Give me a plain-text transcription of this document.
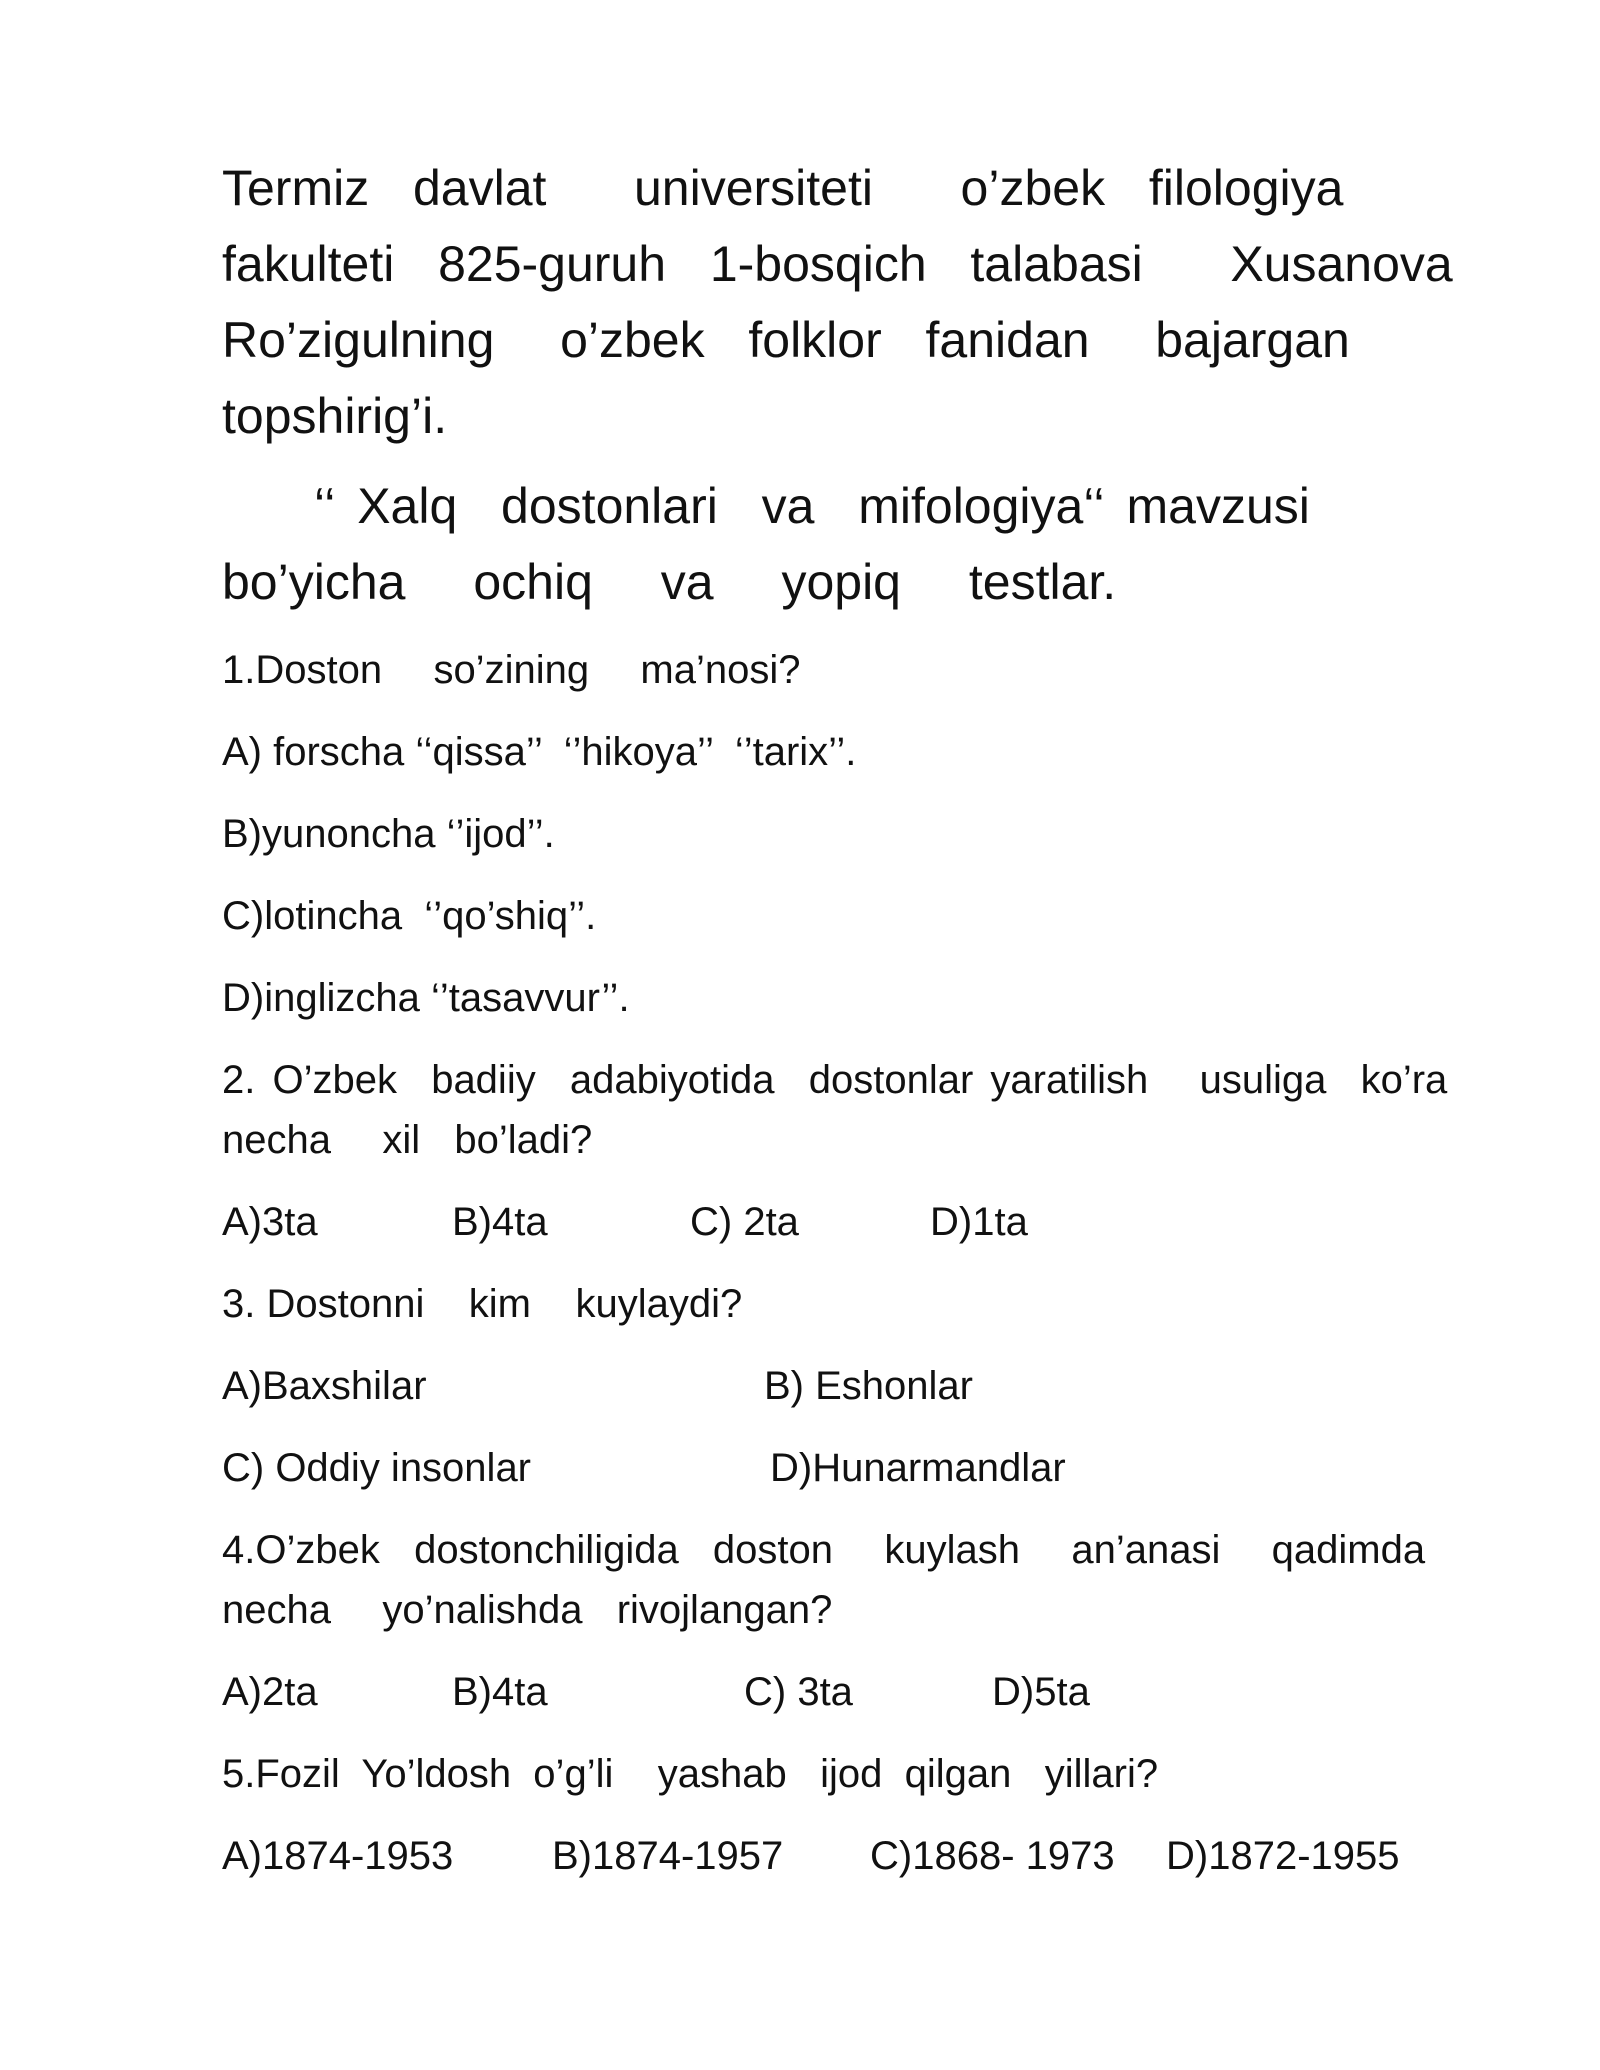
Termiz  davlat    universiteti    o’zbek  filologiya

fakulteti  825-guruh  1-bosqich  talabasi    Xusanova

Ro’zigulning   o’zbek  folklor  fanidan   bajargan

topshirig’i.

‘‘ Xalq  dostonlari  va  mifologiya‘‘ mavzusi

bo’yicha ochiq va yopiq testlar.

1.Doston   so’zining   ma’nosi?

A) forscha ‘‘qissa’’  ‘’hikoya’’  ‘’tarix’’.

B)yunoncha ‘’ijod’’.

C)lotincha  ‘’qo’shiq’’.

D)inglizcha ‘’tasavvur’’.

2. O’zbek  badiiy  adabiyotida  dostonlar yaratilish   usuliga  ko’ra

necha   xil  bo’ladi?

A)3ta	B)4ta	C) 2ta	D)1ta

3. Dostonni    kim    kuylaydi?

A)Baxshilar	B) Eshonlar
C) Oddiy insonlar	D)Hunarmandlar

4.O’zbek  dostonchiligida  doston   kuylash   an’anasi   qadimda

necha   yo’nalishda  rivojlangan?

A)2ta	B)4ta	C) 3ta	D)5ta

5.Fozil  Yo’ldosh  o’g’li    yashab   ijod  qilgan   yillari?

A)1874-1953 B)1874-1957 C)1868- 1973 D)1872-1955
